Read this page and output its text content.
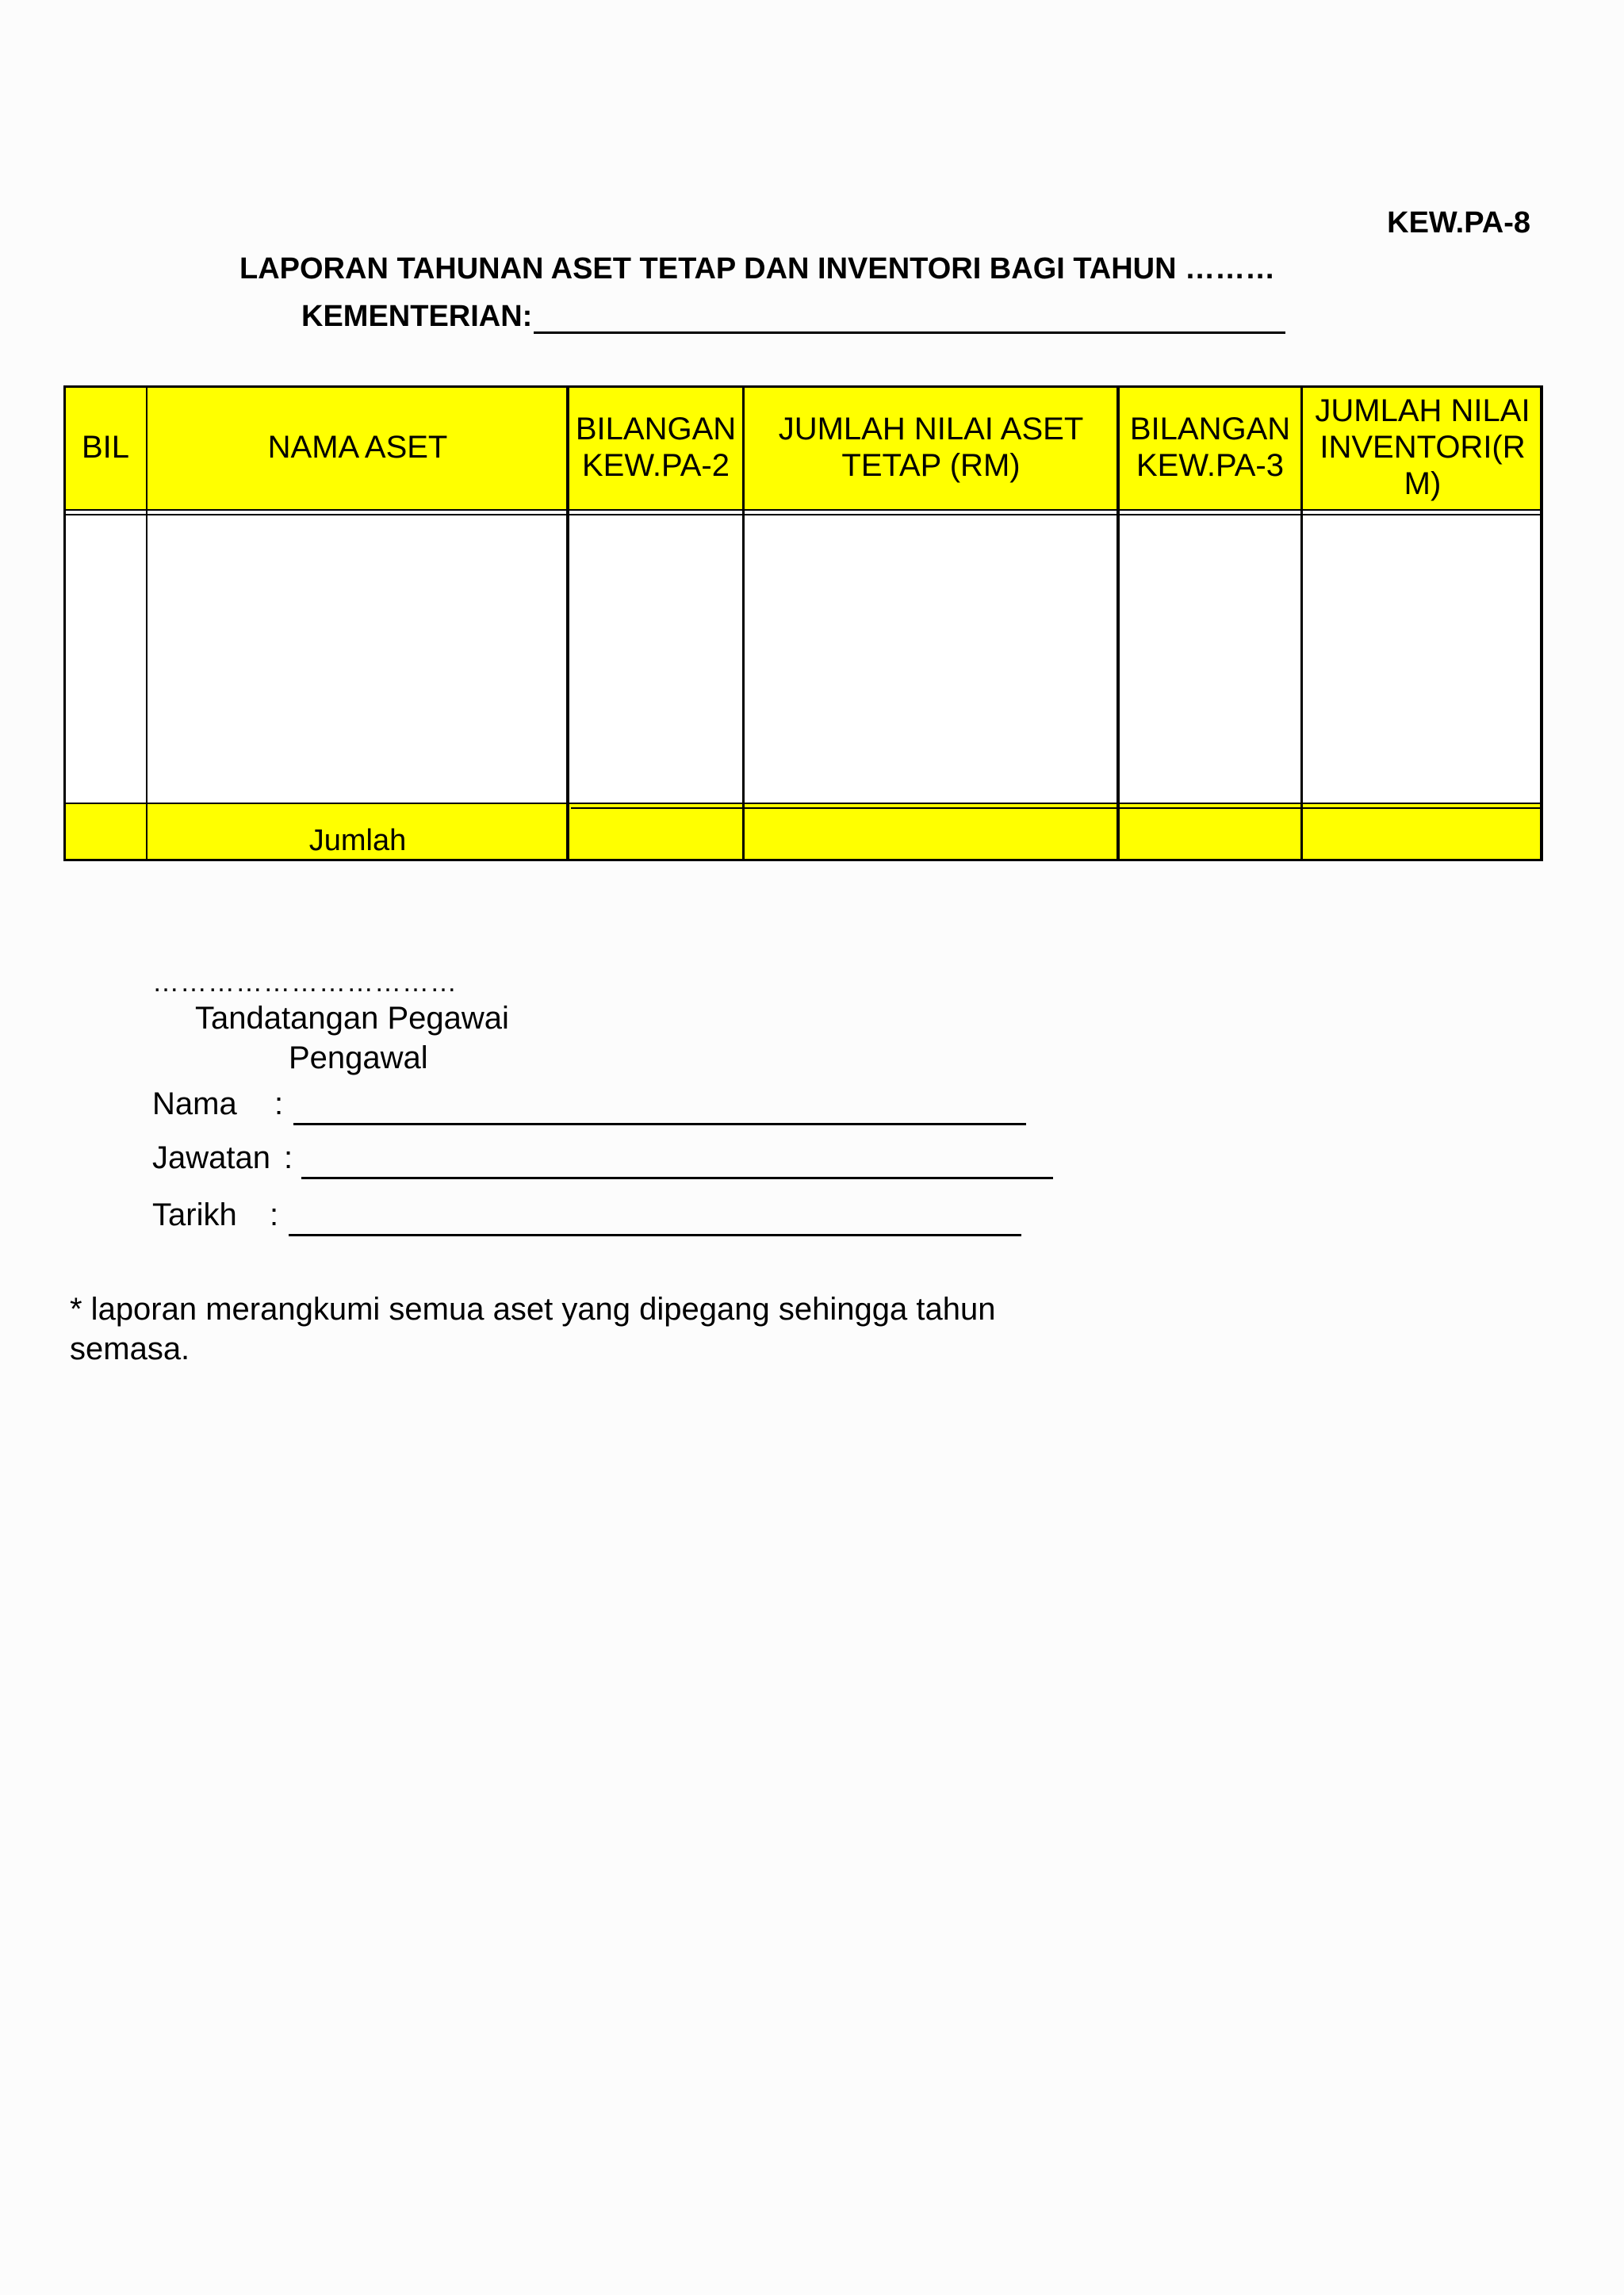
KEW.PA-8
LAPORAN TAHUNAN ASET TETAP DAN INVENTORI BAGI TAHUN ………
KEMENTERIAN:
BIL	NAMA ASET
BILANGAN KEW.PA-2
JUMLAH NILAI ASET TETAP (RM)
BILANGAN KEW.PA-3
JUMLAH NILAI INVENTORI(R M)
Jumlah
……………………………
Tandatangan Pegawai
Pengawal
Nama :
Jawatan :
Tarikh :
* laporan merangkumi semua aset yang dipegang sehingga tahun semasa.
